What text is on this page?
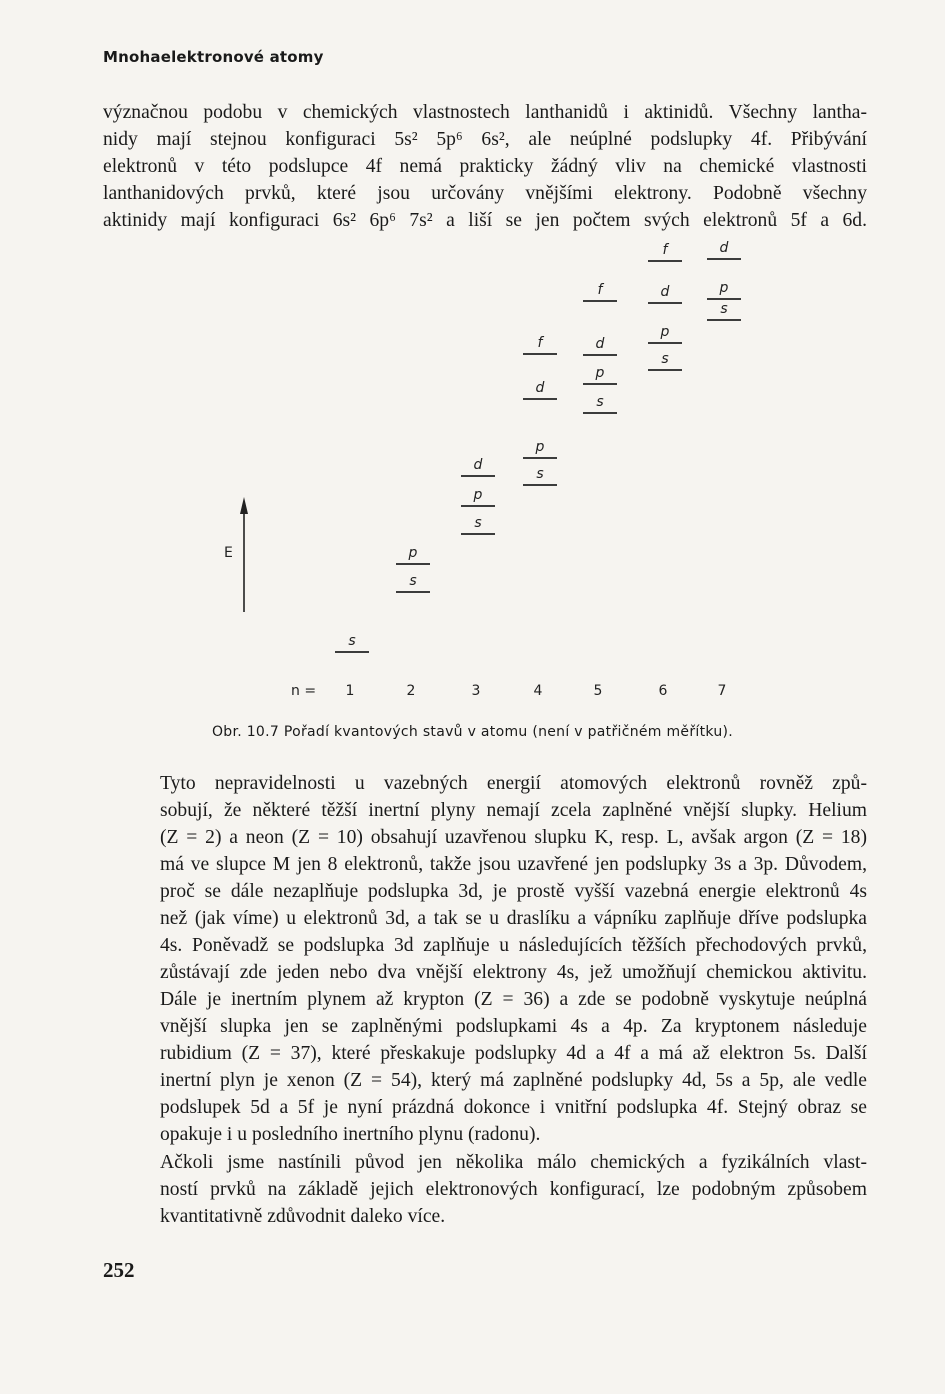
Mnohaelektronové atomy

význačnou podobu v chemických vlastnostech lanthanidů i aktinidů. Všechny lantha-
nidy mají stejnou konfiguraci 5s² 5p⁶ 6s², ale neúplné podslupky 4f. Přibývání
elektronů v této podslupce 4f nemá prakticky žádný vliv na chemické vlastnosti
lanthanidových prvků, které jsou určovány vnějšími elektrony. Podobně všechny
aktinidy mají konfiguraci 6s² 6p⁶ 7s² a liší se jen počtem svých elektronů 5f a 6d.

E
s
s
p
s
p
d
s
p
d
f
s
p
d
f
s
p
d
f
s
p
d
n = 1	2	3	4	5	6	7
Obr. 10.7 Pořadí kvantových stavů v atomu (není v patřičném měřítku).

Tyto nepravidelnosti u vazebných energií atomových elektronů rovněž způ-
sobují, že některé těžší inertní plyny nemají zcela zaplněné vnější slupky. Helium
(Z = 2) a neon (Z = 10) obsahují uzavřenou slupku K, resp. L, avšak argon (Z = 18)
má ve slupce M jen 8 elektronů, takže jsou uzavřené jen podslupky 3s a 3p. Důvodem,
proč se dále nezaplňuje podslupka 3d, je prostě vyšší vazebná energie elektronů 4s
než (jak víme) u elektronů 3d, a tak se u draslíku a vápníku zaplňuje dříve podslupka
4s. Poněvadž se podslupka 3d zaplňuje u následujících těžších přechodových prvků,
zůstávají zde jeden nebo dva vnější elektrony 4s, jež umožňují chemickou aktivitu.
Dále je inertním plynem až krypton (Z = 36) a zde se podobně vyskytuje neúplná
vnější slupka jen se zaplněnými podslupkami 4s a 4p. Za kryptonem následuje
rubidium (Z = 37), které přeskakuje podslupky 4d a 4f a má až elektron 5s. Další
inertní plyn je xenon (Z = 54), který má zaplněné podslupky 4d, 5s a 5p, ale vedle
podslupek 5d a 5f je nyní prázdná dokonce i vnitřní podslupka 4f. Stejný obraz se
opakuje i u posledního inertního plynu (radonu).

Ačkoli jsme nastínili původ jen několika málo chemických a fyzikálních vlast-
ností prvků na základě jejich elektronových konfigurací, lze podobným způsobem
kvantitativně zdůvodnit daleko více.

252
